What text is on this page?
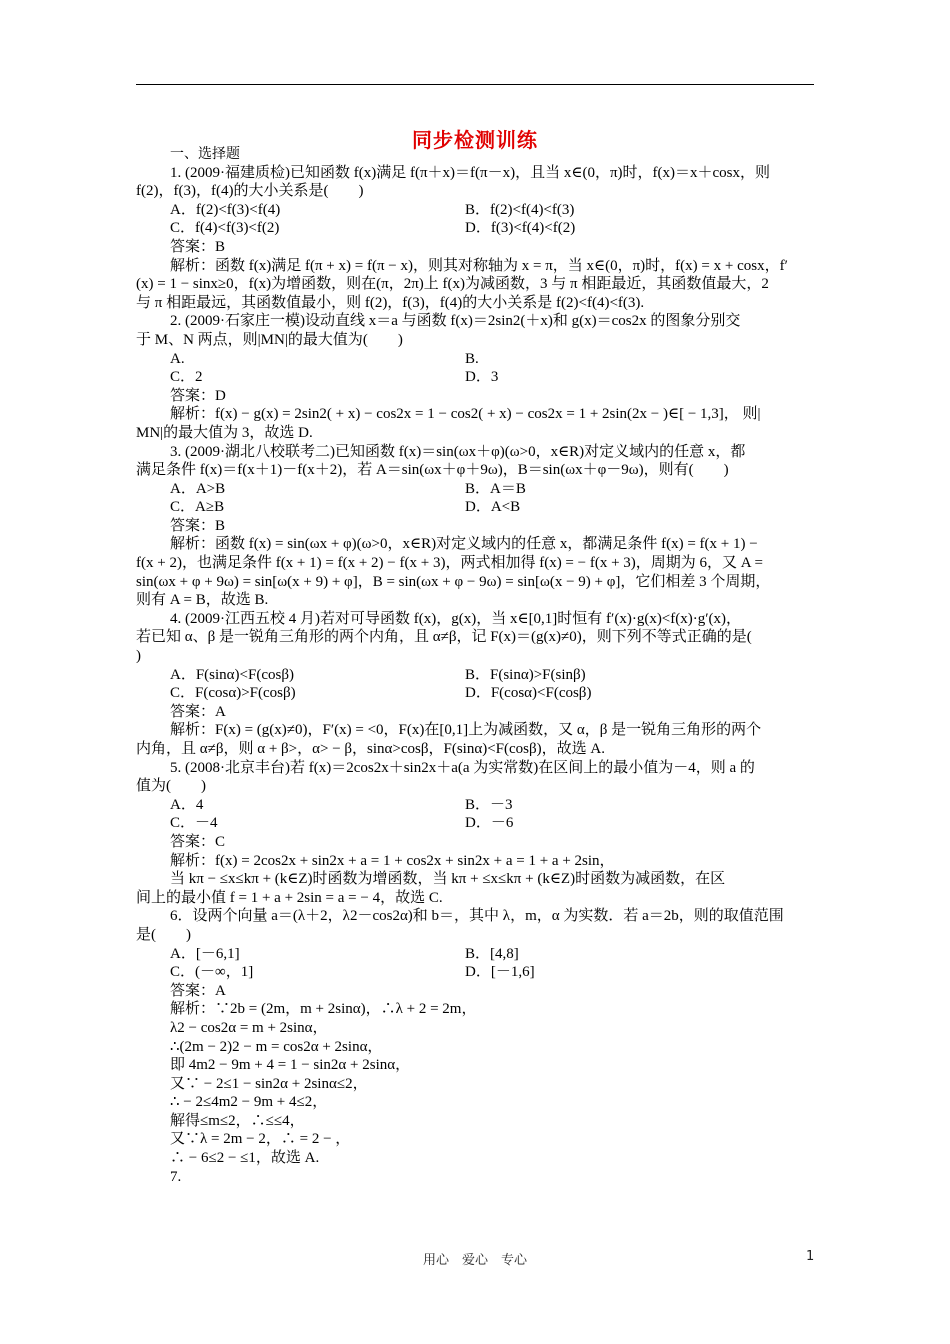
同步检测训练

一、选择题

1. (2009·福建质检)已知函数 f(x)满足 f(π＋x)＝f(π－x)，且当 x∈(0，π)时，f(x)＝x＋cosx，则

f(2)，f(3)，f(4)的大小关系是(　　)

A．f(2)<f(3)<f(4)	B．f(2)<f(4)<f(3)
C．f(4)<f(3)<f(2)	D．f(3)<f(4)<f(2)

答案：B

解析：函数 f(x)满足 f(π + x) = f(π − x)，则其对称轴为 x = π，当 x∈(0，π)时，f(x) = x + cosx，f′

(x) = 1 − sinx≥0，f(x)为增函数，则在(π，2π)上 f(x)为减函数，3 与 π 相距最近，其函数值最大，2

与 π 相距最远，其函数值最小，则 f(2)，f(3)，f(4)的大小关系是 f(2)<f(4)<f(3).

2. (2009·石家庄一模)设动直线 x＝a 与函数 f(x)＝2sin2(＋x)和 g(x)＝cos2x 的图象分别交

于 M、N 两点，则|MN|的最大值为(　　)

A.	B.
C．2	D．3

答案：D

解析：f(x) − g(x) = 2sin2( + x) − cos2x = 1 − cos2( + x) − cos2x = 1 + 2sin(2x − )∈[ − 1,3]， 则|

MN|的最大值为 3，故选 D.

3. (2009·湖北八校联考二)已知函数 f(x)＝sin(ωx＋φ)(ω>0，x∈R)对定义域内的任意 x，都

满足条件 f(x)＝f(x＋1)－f(x＋2)，若 A＝sin(ωx＋φ＋9ω)，B＝sin(ωx＋φ－9ω)，则有(　　)

A．A>B	B．A＝B
C．A≥B	D．A<B

答案：B

解析：函数 f(x) = sin(ωx + φ)(ω>0，x∈R)对定义域内的任意 x，都满足条件 f(x) = f(x + 1) −

f(x + 2)，也满足条件 f(x + 1) = f(x + 2) − f(x + 3)，两式相加得 f(x) = − f(x + 3)，周期为 6，又 A =

sin(ωx + φ + 9ω) = sin[ω(x + 9) + φ]，B = sin(ωx + φ − 9ω) = sin[ω(x − 9) + φ]，它们相差 3 个周期，

则有 A = B，故选 B.

4. (2009·江西五校 4 月)若对可导函数 f(x)，g(x)，当 x∈[0,1]时恒有 f′(x)·g(x)<f(x)·g′(x)，

若已知 α、β 是一锐角三角形的两个内角，且 α≠β，记 F(x)＝(g(x)≠0)，则下列不等式正确的是(

)

A．F(sinα)<F(cosβ)	B．F(sinα)>F(sinβ)
C．F(cosα)>F(cosβ)	D．F(cosα)<F(cosβ)

答案：A

解析：F(x) = (g(x)≠0)，F′(x) = <0，F(x)在[0,1]上为减函数，又 α，β 是一锐角三角形的两个

内角，且 α≠β，则 α + β>，α> − β，sinα>cosβ，F(sinα)<F(cosβ)，故选 A.

5. (2008·北京丰台)若 f(x)＝2cos2x＋sin2x＋a(a 为实常数)在区间上的最小值为－4，则 a 的

值为(　　)

A．4	B．－3
C．－4	D．－6

答案：C

解析：f(x) = 2cos2x + sin2x + a = 1 + cos2x + sin2x + a = 1 + a + 2sin，

当 kπ − ≤x≤kπ + (k∈Z)时函数为增函数，当 kπ + ≤x≤kπ + (k∈Z)时函数为减函数，在区

间上的最小值 f = 1 + a + 2sin = a = − 4，故选 C.

6．设两个向量 a＝(λ＋2，λ2－cos2α)和 b＝，其中 λ，m，α 为实数．若 a＝2b，则的取值范围

是(　　)

A．[－6,1]	B．[4,8]
C．(－∞，1]	D．[－1,6]

答案：A

解析：∵2b = (2m，m + 2sinα)，∴λ + 2 = 2m，

λ2 − cos2α = m + 2sinα，

∴(2m − 2)2 − m = cos2α + 2sinα，

即 4m2 − 9m + 4 = 1 − sin2α + 2sinα，

又∵ − 2≤1 − sin2α + 2sinα≤2，

∴ − 2≤4m2 − 9m + 4≤2，

解得≤m≤2，∴≤≤4，

又∵λ = 2m − 2，∴ = 2 − ，

∴ − 6≤2 − ≤1，故选 A.

7.

用心　爱心　专心	1
